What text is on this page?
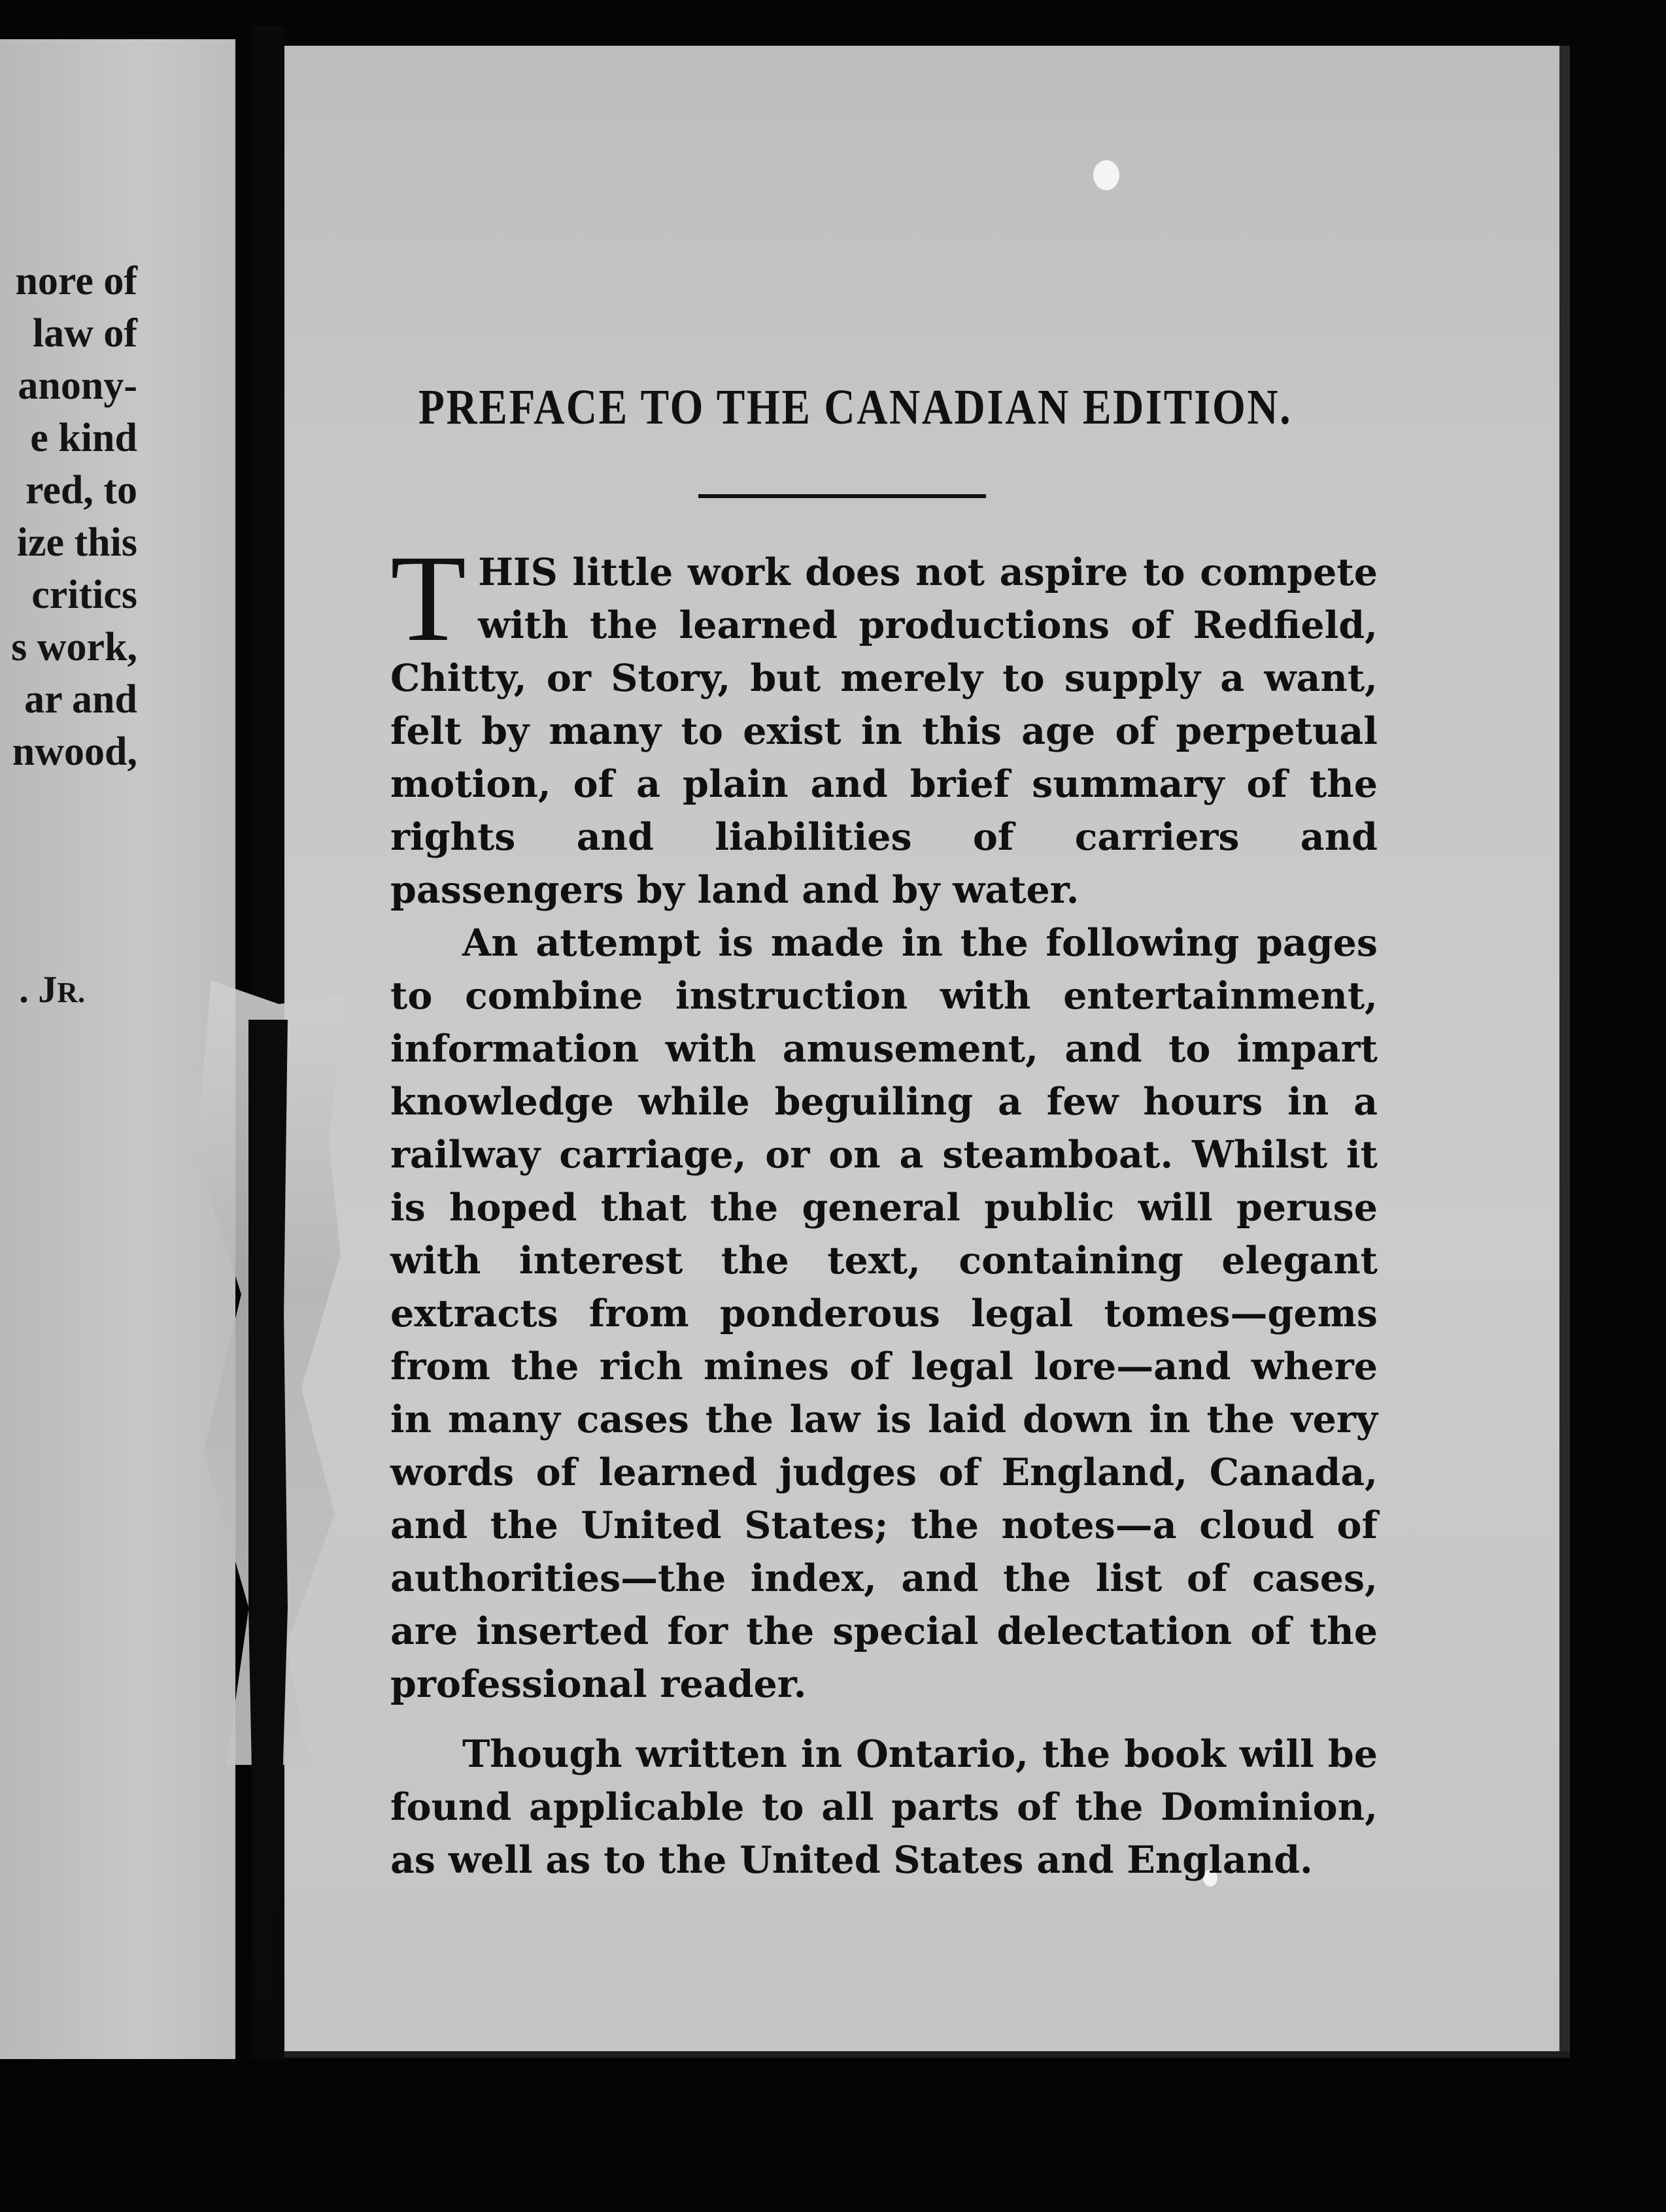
nore of
law of
anony-
e kind
red, to
ize this
critics
s work,
ar and
nwood,
. JR.
PREFACE TO THE CANADIAN EDITION.

THIS little work does not aspire to compete with the learned productions of Redfield, Chitty, or Story, but merely to supply a want, felt by many to exist in this age of perpetual motion, of a plain and brief summary of the rights and liabilities of carriers and passengers by land and by water.

An attempt is made in the following pages to combine instruction with entertainment, information with amusement, and to impart knowledge while beguiling a few hours in a railway carriage, or on a steamboat. Whilst it is hoped that the general public will peruse with interest the text, containing elegant extracts from ponderous legal tomes—gems from the rich mines of legal lore—and where in many cases the law is laid down in the very words of learned judges of England, Canada, and the United States; the notes—a cloud of authorities—the index, and the list of cases, are inserted for the special delectation of the professional reader.

Though written in Ontario, the book will be found applicable to all parts of the Dominion, as well as to the United States and England.
